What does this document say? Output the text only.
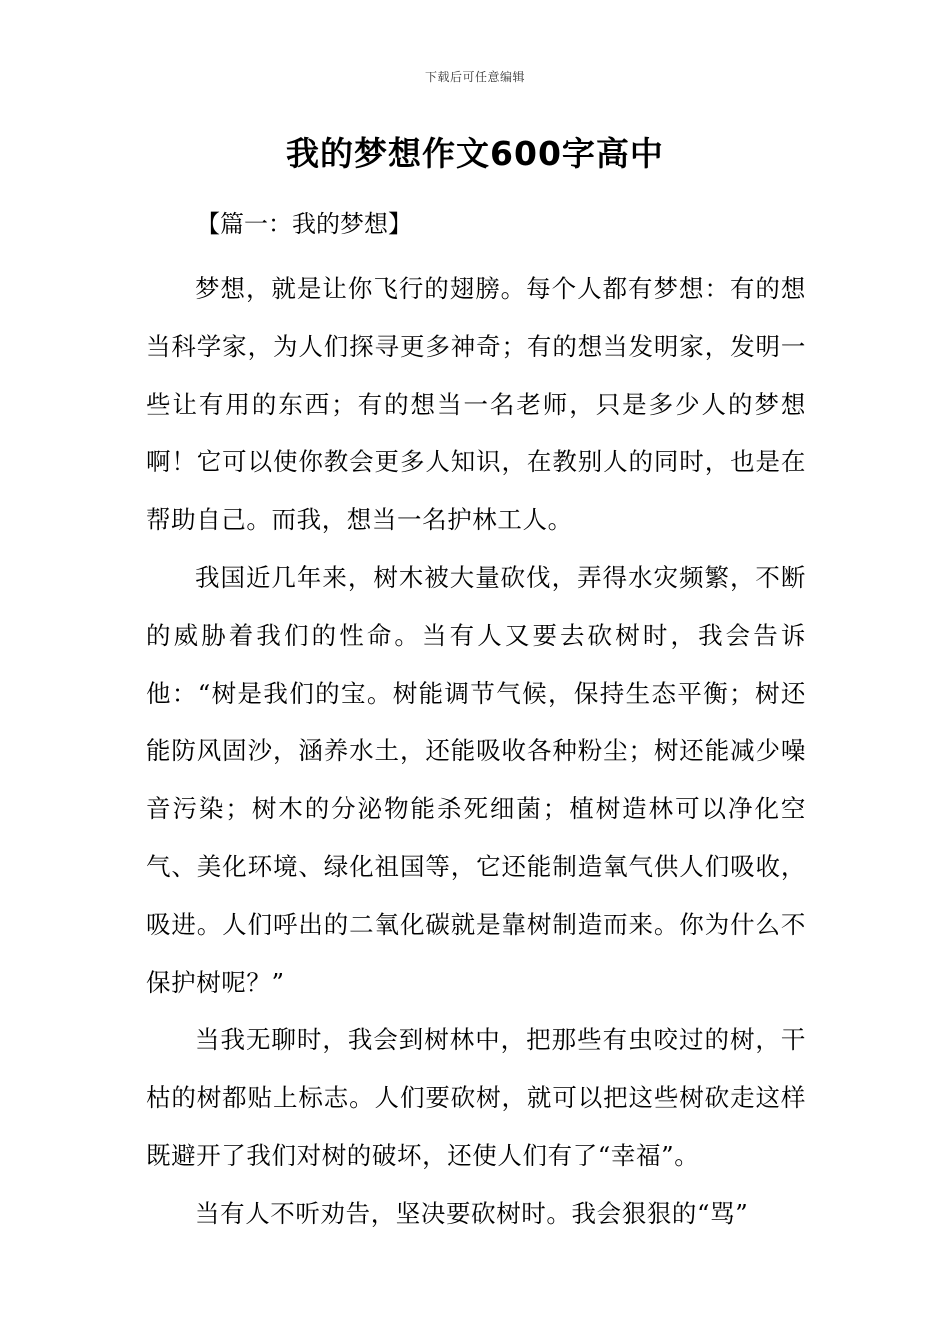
下载后可任意编辑
我的梦想作文600字高中
【篇一：我的梦想】

梦想，就是让你飞行的翅膀。每个人都有梦想：有的想当科学家，为人们探寻更多神奇；有的想当发明家，发明一些让有用的东西；有的想当一名老师，只是多少人的梦想啊！它可以使你教会更多人知识，在教别人的同时，也是在帮助自己。而我，想当一名护林工人。

我国近几年来，树木被大量砍伐，弄得水灾频繁，不断的威胁着我们的性命。当有人又要去砍树时，我会告诉他：“树是我们的宝。树能调节气候，保持生态平衡；树还能防风固沙，涵养水土，还能吸收各种粉尘；树还能减少噪音污染；树木的分泌物能杀死细菌；植树造林可以净化空气、美化环境、绿化祖国等，它还能制造氧气供人们吸收，吸进。人们呼出的二氧化碳就是靠树制造而来。你为什么不保护树呢？”

当我无聊时，我会到树林中，把那些有虫咬过的树，干枯的树都贴上标志。人们要砍树，就可以把这些树砍走这样既避开了我们对树的破坏，还使人们有了“幸福”。

当有人不听劝告，坚决要砍树时。我会狠狠的“骂”
